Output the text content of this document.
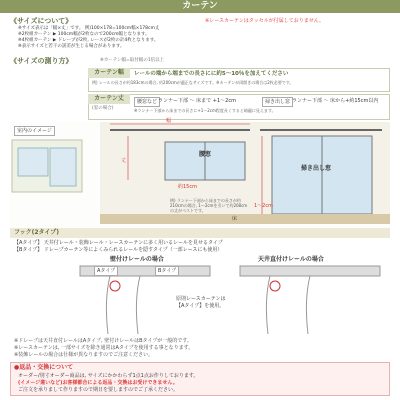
カーテン
《サイズについて》	※レースカーテンはタッセルが付属しておりません。
※サイズ表示は「幅×丈」です。 例)100×178=100cm幅×178cm丈
※2枚組カーテン ▶ 100cm幅が2枚なので200cm幅となります。
※4枚組カーテン ▶ ドレープが2枚, レースが2枚の計4枚となります。
※表示サイズと若干の誤差が生じる場合があります。
《サイズの測り方》	※カーテン幅=取付幅の1倍以上
カーテン幅	レールの端から端までの長さにに約5～10％を加えてください
例) レールの長さが約183cmの場合, 約200cmが適正なサイズです。※カーテンが両開きの場合は2枚必要です。
カーテン丈
(窓の場合)
腰窓など ランナー下部 ～ 床まで +1～2cm	掃き出し窓 ランナー下部 ～ 床から+約15cm以内
※ランナー下部から床までの長さに+1～2cm程度長くすると綺麗に見えます。
室内のイメージ
腰窓
掃き出し窓
幅
丈
約15cm
1～2cm
床
例) ランナー下部から床までの長さが約210cmの場合, 1～2cmを引いて約208cmの丈がベストです。
フック(2タイプ)
【Aタイプ】 天井付レール・装飾レール・レースカーテンに多く用いるレールを見せるタイプ
【Bタイプ】 ドレープカーテン等によくみられるレールを隠すタイプ（一部レースにも使用）
壁付けレールの場合	天井直付けレールの場合
Aタイプ	Bタイプ
原則レースカーテンは 【Aタイプ】を使用。
※ドレープは天井直付レールはAタイプ, 壁付けレールはBタイプが一般的です。
※レースカーテンは, 一部サイズを除き通常はAタイプを使用する事となります。
※装飾レールの場合は仕様が異なりますのでご注意ください。
●返品・交換について
オーダー/別寸オーダー商品は, サイズにかかわらず1点1点お作りしております。
(イメージ違いなど)お客様都合による返品・交換はお受けできません。
ご注文を承りまして作りますので期日を要しますのでご了承ください。
